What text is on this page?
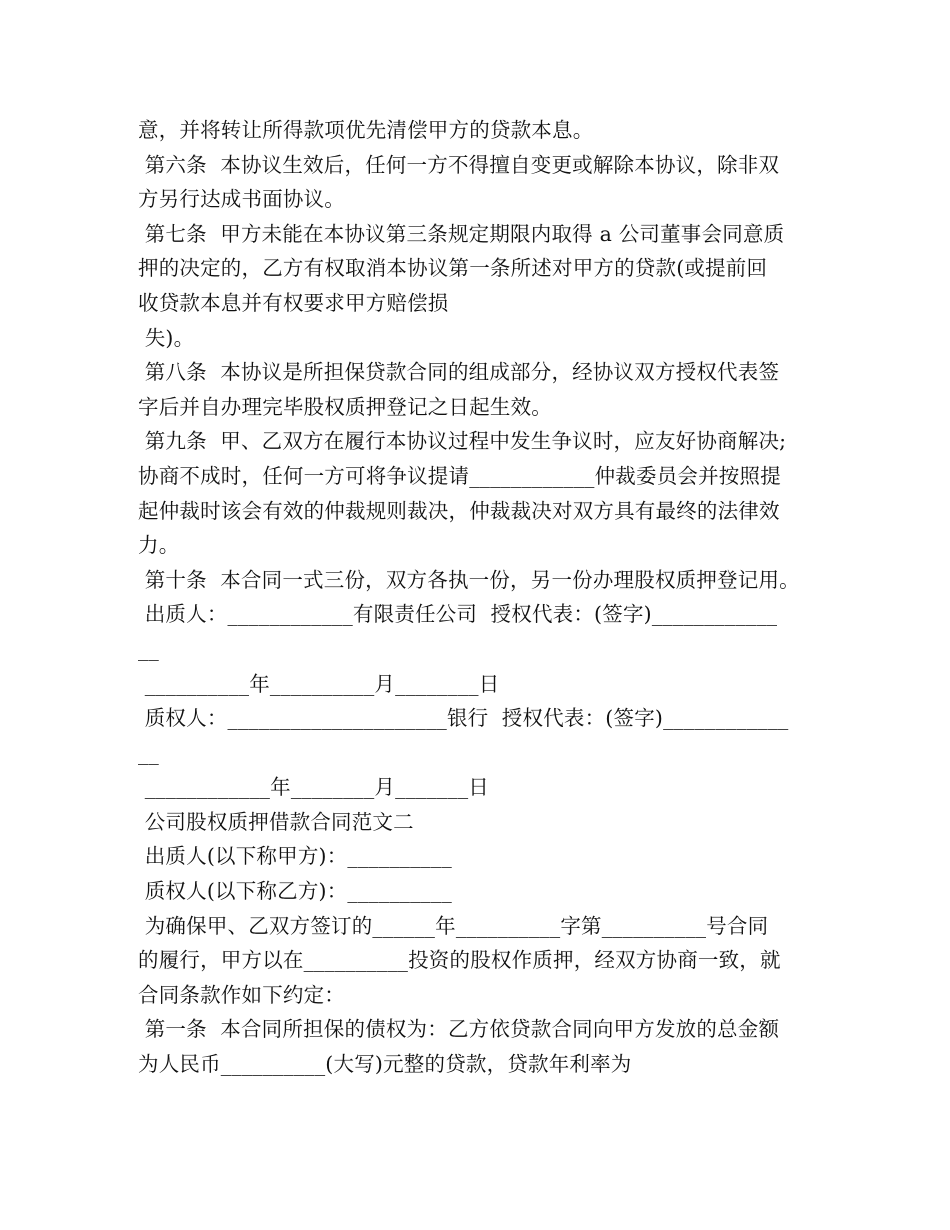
意，并将转让所得款项优先清偿甲方的贷款本息。
第六条  本协议生效后，任何一方不得擅自变更或解除本协议，除非双
方另行达成书面协议。
第七条  甲方未能在本协议第三条规定期限内取得 a 公司董事会同意质
押的决定的，乙方有权取消本协议第一条所述对甲方的贷款(或提前回
收贷款本息并有权要求甲方赔偿损
失)。
第八条  本协议是所担保贷款合同的组成部分，经协议双方授权代表签
字后并自办理完毕股权质押登记之日起生效。
第九条  甲、乙双方在履行本协议过程中发生争议时，应友好协商解决;
协商不成时，任何一方可将争议提请____________仲裁委员会并按照提
起仲裁时该会有效的仲裁规则裁决，仲裁裁决对双方具有最终的法律效
力。
第十条  本合同一式三份，双方各执一份，另一份办理股权质押登记用。
出质人：____________有限责任公司  授权代表：(签字)____________
__
__________年__________月________日
质权人：_____________________银行  授权代表：(签字)____________
__
____________年________月_______日
公司股权质押借款合同范文二
出质人(以下称甲方)：__________
质权人(以下称乙方)：__________
为确保甲、乙双方签订的______年__________字第__________号合同
的履行，甲方以在__________投资的股权作质押，经双方协商一致，就
合同条款作如下约定：
第一条  本合同所担保的债权为：乙方依贷款合同向甲方发放的总金额
为人民币__________(大写)元整的贷款，贷款年利率为
